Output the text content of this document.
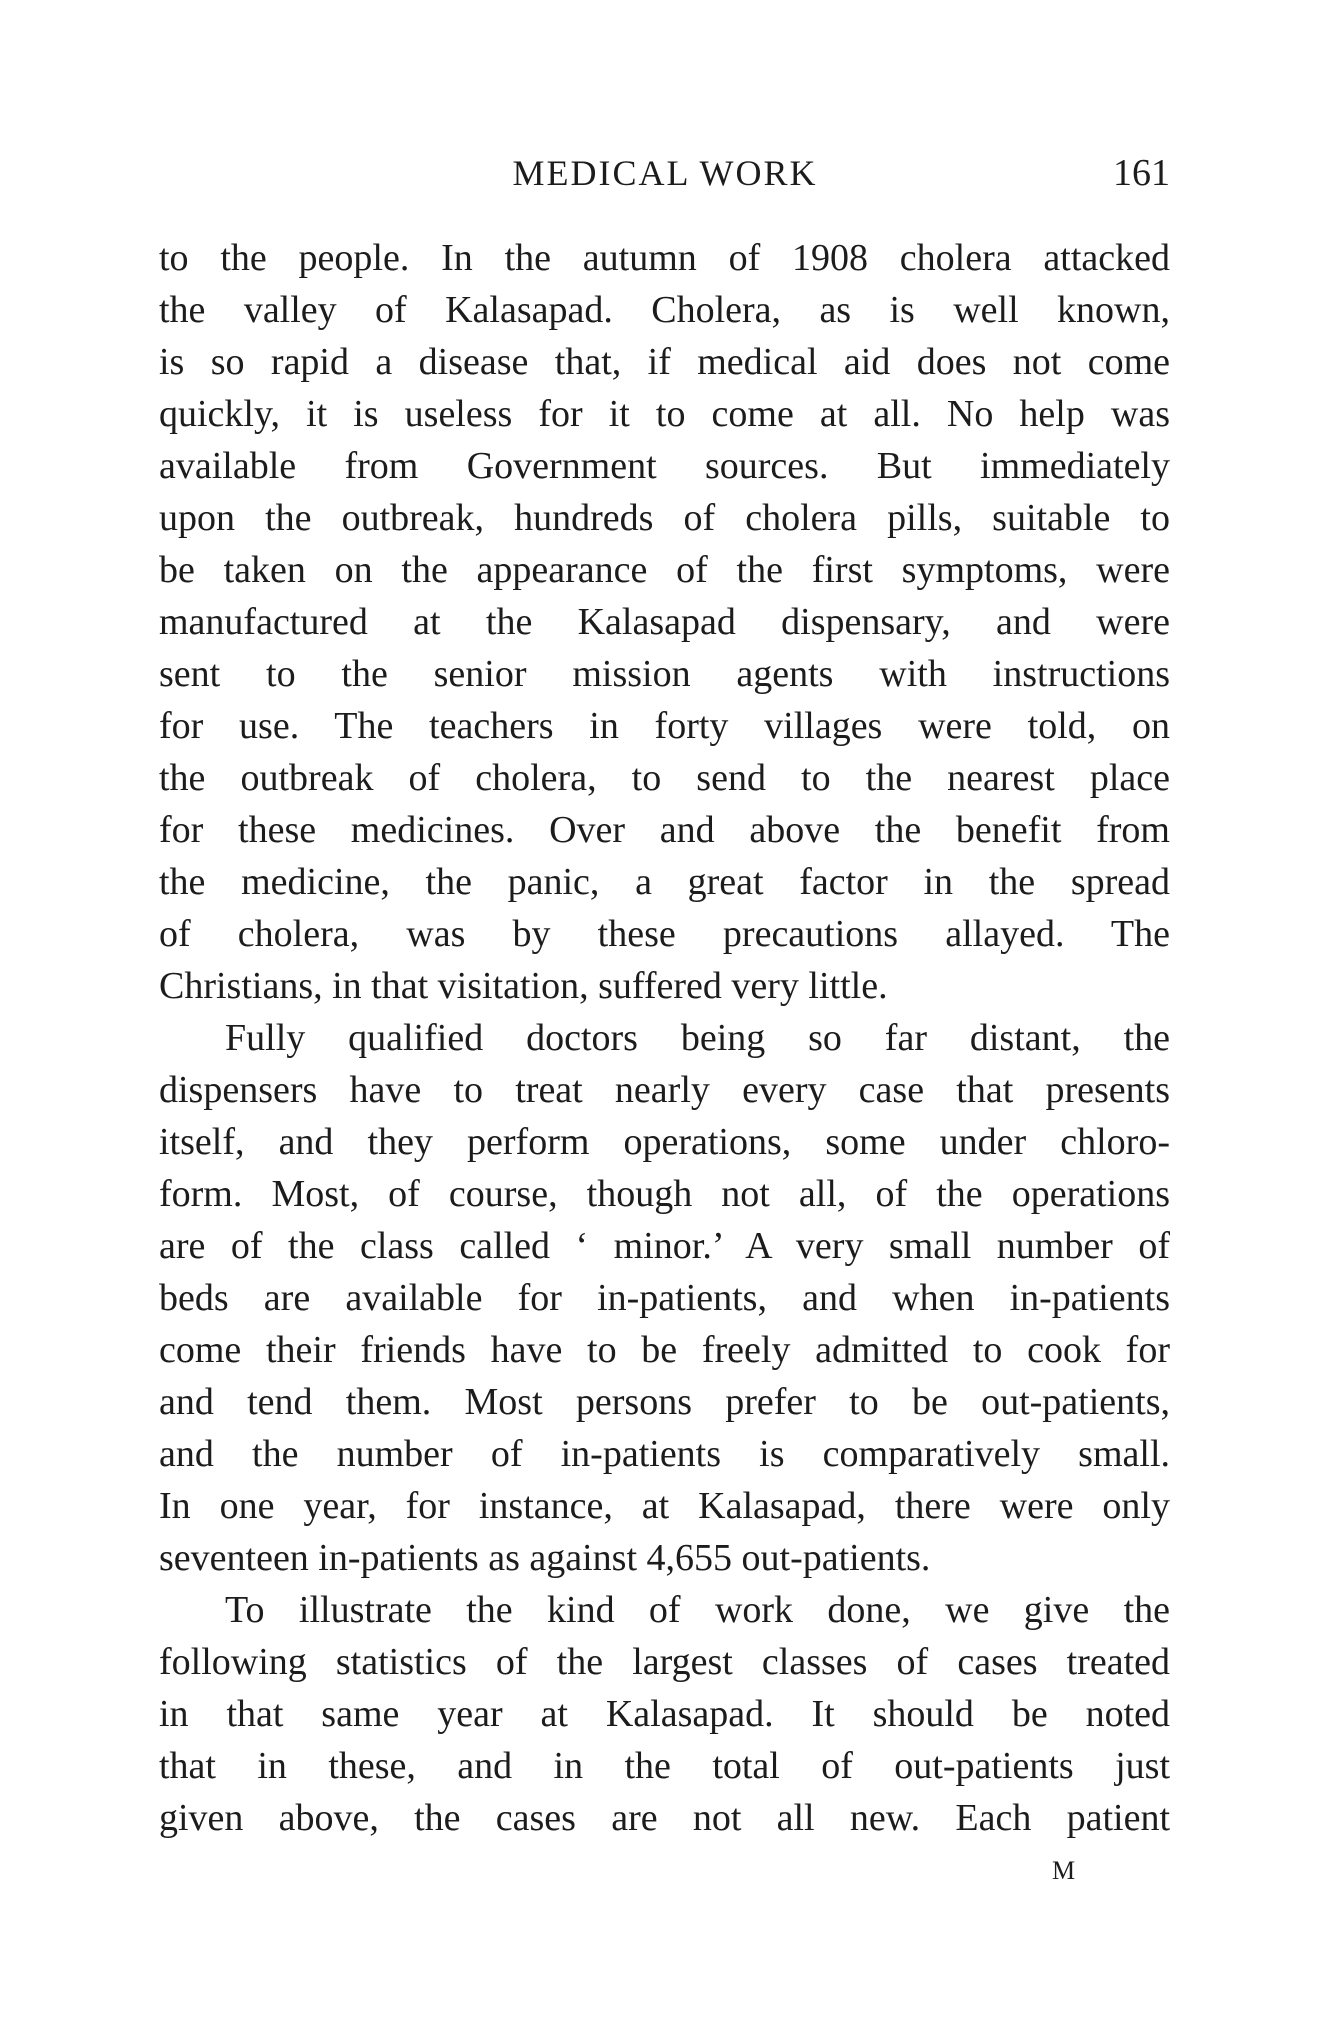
MEDICAL WORK	161
to the people. In the autumn of 1908 cholera attacked
the valley of Kalasapad. Cholera, as is well known,
is so rapid a disease that, if medical aid does not come
quickly, it is useless for it to come at all. No help was
available from Government sources. But immediately
upon the outbreak, hundreds of cholera pills, suitable to
be taken on the appearance of the first symptoms, were
manufactured at the Kalasapad dispensary, and were
sent to the senior mission agents with instructions
for use. The teachers in forty villages were told, on
the outbreak of cholera, to send to the nearest place
for these medicines. Over and above the benefit from
the medicine, the panic, a great factor in the spread
of cholera, was by these precautions allayed. The
Christians, in that visitation, suffered very little.
Fully qualified doctors being so far distant, the
dispensers have to treat nearly every case that presents
itself, and they perform operations, some under chloro-
form. Most, of course, though not all, of the operations
are of the class called ‘ minor.’ A very small number of
beds are available for in-patients, and when in-patients
come their friends have to be freely admitted to cook for
and tend them. Most persons prefer to be out-patients,
and the number of in-patients is comparatively small.
In one year, for instance, at Kalasapad, there were only
seventeen in-patients as against 4,655 out-patients.
To illustrate the kind of work done, we give the
following statistics of the largest classes of cases treated
in that same year at Kalasapad. It should be noted
that in these, and in the total of out-patients just
given above, the cases are not all new. Each patient
M
